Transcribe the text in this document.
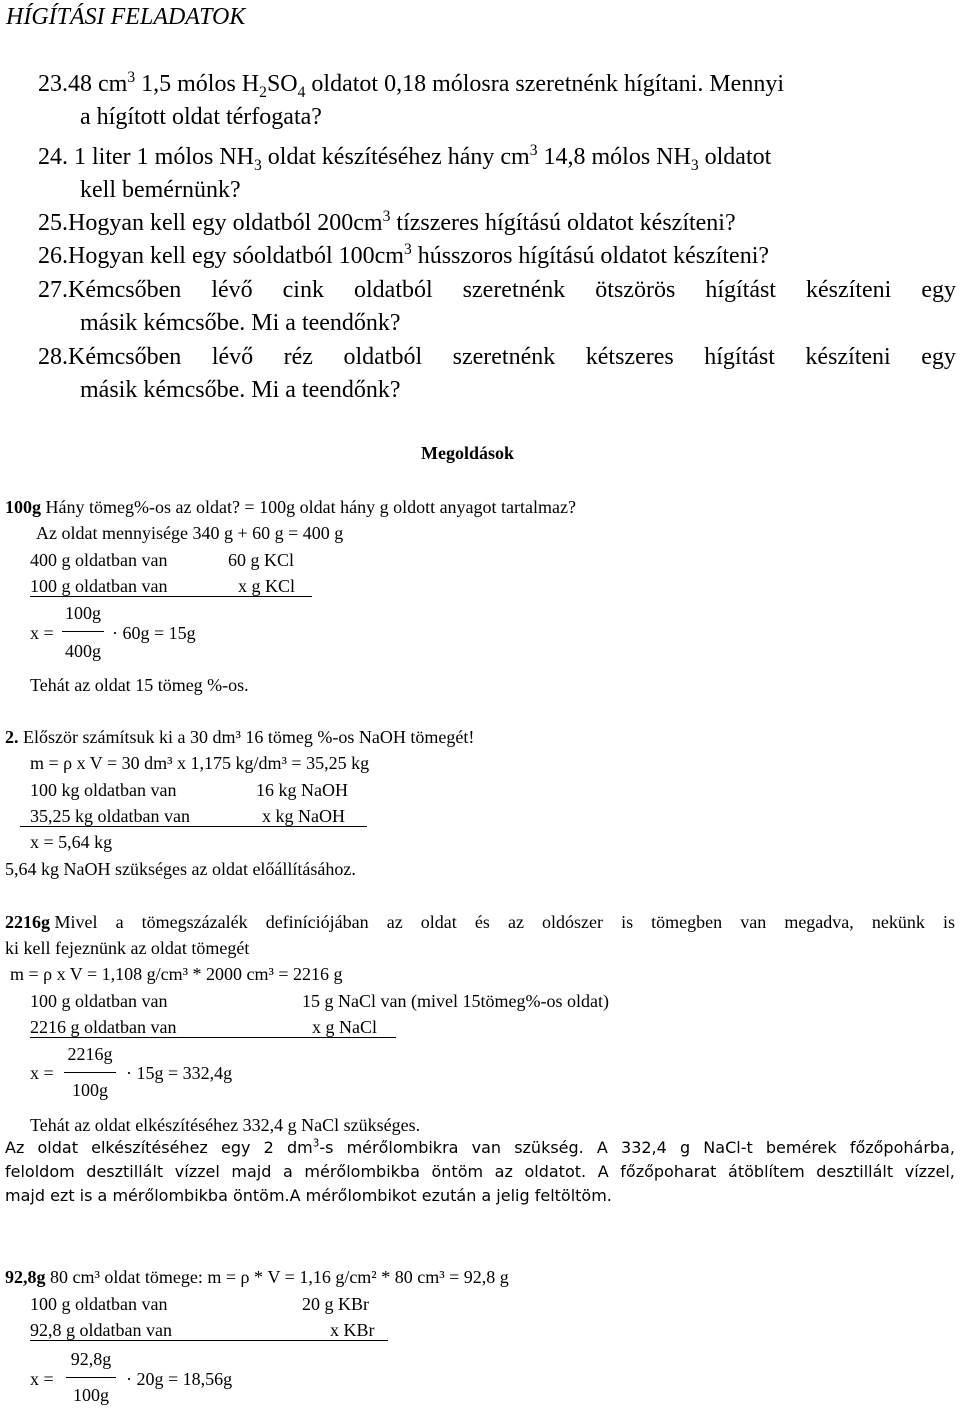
HÍGÍTÁSI FELADATOK
23.48 $cm^3$ 1,5 mólos $H_2SO_4$ oldatot 0,18 mólosra szeretnénk hígítani. Mennyi
a hígított oldat térfogata?
24. 1 liter 1 mólos $NH_3$ oldat készítéséhez hány $cm^3$ 14,8 mólos $NH_3$ oldatot
kell bemérnünk?
25.Hogyan kell egy oldatból $200cm^3$ tízszeres hígítású oldatot készíteni?
26.Hogyan kell egy sóoldatból $100cm^3$ hússzoros hígítású oldatot készíteni?
27.Kémcsőben lévő cink oldatból szeretnénk ötszörös hígítást készíteni egy
másik kémcsőbe. Mi a teendőnk?
28.Kémcsőben lévő réz oldatból szeretnénk kétszeres hígítást készíteni egy
másik kémcsőbe. Mi a teendőnk?
Megoldások
100g Hány tömeg%-os az oldat? = 100g oldat hány g oldott anyagot tartalmaz?
Az oldat mennyisége 340 g + 60 g = 400 g
400 g oldatban van	60 g KCl
100 g oldatban van	x g KCl
x =
100g
400g
· 60g = 15g
Tehát az oldat 15 tömeg %-os.
2. Először számítsuk ki a 30 dm³ 16 tömeg %-os NaOH tömegét!
m = ρ x V = 30 dm³ x 1,175 kg/dm³ = 35,25 kg
100 kg oldatban van	16 kg NaOH
35,25 kg oldatban van	x kg NaOH
x = 5,64 kg
5,64 kg NaOH szükséges az oldat előállításához.
2216g Mivel a tömegszázalék definíciójában az oldat és az oldószer is tömegben van megadva, nekünk is
ki kell fejeznünk az oldat tömegét
m = ρ x V = 1,108 g/cm³ * 2000 cm³ = 2216 g
100 g oldatban van	15 g NaCl van (mivel 15tömeg%-os oldat)
2216 g oldatban van	x g NaCl
x =
2216g
100g
· 15g = 332,4g
Tehát az oldat elkészítéséhez 332,4 g NaCl szükséges.
Az oldat elkészítéséhez egy 2 $dm^3-s$ mérőlombikra van szükség. A 332,4 g NaCl-t bemérek főzőpohárba,
feloldom desztillált vízzel majd a mérőlombikba öntöm az oldatot. A főzőpoharat átöblítem desztillált vízzel,
majd ezt is a mérőlombikba öntöm.A mérőlombikot ezután a jelig feltöltöm.
92,8g 80 cm³ oldat tömege: m = ρ * V = 1,16 g/cm² * 80 cm³ = 92,8 g
100 g oldatban van	20 g KBr
92,8 g oldatban van	x KBr
x =
92,8g
100g
· 20g = 18,56g
